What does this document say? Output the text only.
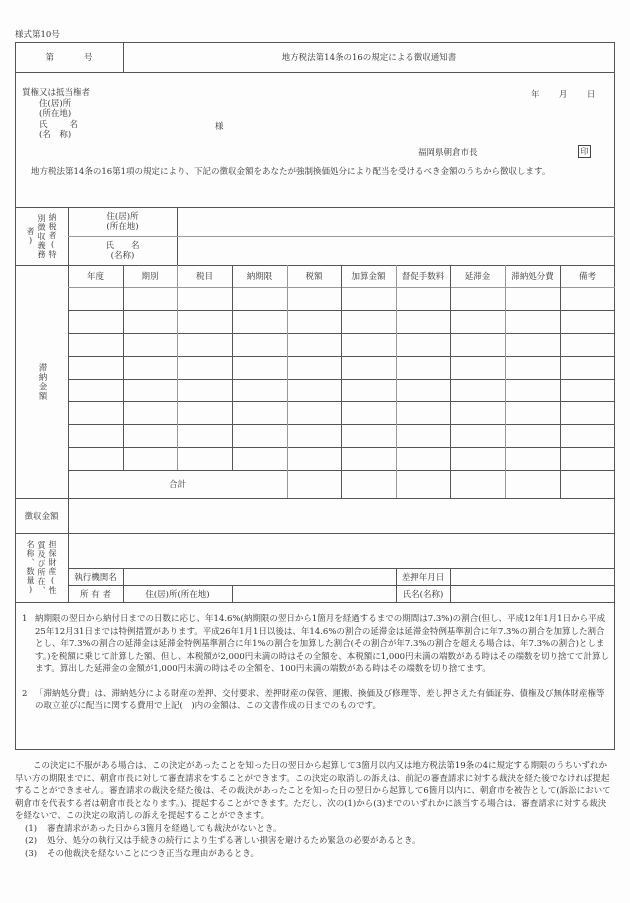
様式第10号
第	号	地方税法第14条の16の規定による徴収通知書
質権又は抵当権者
住(居)所
(所在地)
氏	名
(名　称)
様
年 月 日
福岡県朝倉市長	印
地方税法第14条の16第1項の規定により、下記の徴収金額をあなたが強制換価処分により配当を受けるべき金額のうちから徴収します。
納税者(特別徴収義務者)
住(居)所
(所在地)
氏　　名
(名称)
滞納金額
年度	期別	税目	納期限	税額	加算金額	督促手数料	延滞金	滞納処分費	備考
合計
徴収金額
担保財産(性質及び所在、名称、数量)	執行機関名	差押年月日
所 有 者	住(居)所(所在地)	氏名(名称)
1 納期限の翌日から納付日までの日数に応じ、年14.6%(納期限の翌日から1箇月を経過するまでの期間は7.3%)の割合(但し、平成12年1月1日から平成25年12月31日までは特例措置があります。平成26年1月1日以後は、年14.6%の割合の延滞金は延滞金特例基準割合に年7.3%の割合を加算した割合とし、年7.3%の割合の延滞金は延滞金特例基準割合に年1%の割合を加算した割合(その割合が年7.3%の割合を超える場合は、年7.3%の割合)とします。)を税額に乗じて計算した額、但し、本税額が2,000円未満の時はその全額を、本税額に1,000円未満の端数がある時はその端数を切り捨てて計算します。算出した延滞金の金額が1,000円未満の時はその全額を、100円未満の端数がある時はその端数を切り捨てます。
2 「滞納処分費」は、滞納処分による財産の差押、交付要求、差押財産の保管、運搬、換価及び修理等、差し押さえた有価証券、債権及び無体財産権等の取立並びに配当に関する費用で上記(　)内の金額は、この文書作成の日までのものです。
この決定に不服がある場合は、この決定があったことを知った日の翌日から起算して3箇月以内又は地方税法第19条の4に規定する期限のうちいずれか早い方の期限までに、朝倉市長に対して審査請求をすることができます。この決定の取消しの訴えは、前記の審査請求に対する裁決を経た後でなければ提起することができません。審査請求の裁決を経た後は、その裁決があったことを知った日の翌日から起算して6箇月以内に、朝倉市を被告として(訴訟において朝倉市を代表する者は朝倉市長となります。)、提起することができます。ただし、次の(1)から(3)までのいずれかに該当する場合は、審査請求に対する裁決を経ないで、この決定の取消しの訴えを提起することができます。
(1)	審査請求があった日から3箇月を経過しても裁決がないとき。
(2)	処分、処分の執行又は手続きの続行により生ずる著しい損害を避けるため緊急の必要があるとき。
(3)	その他裁決を経ないことにつき正当な理由があるとき。
